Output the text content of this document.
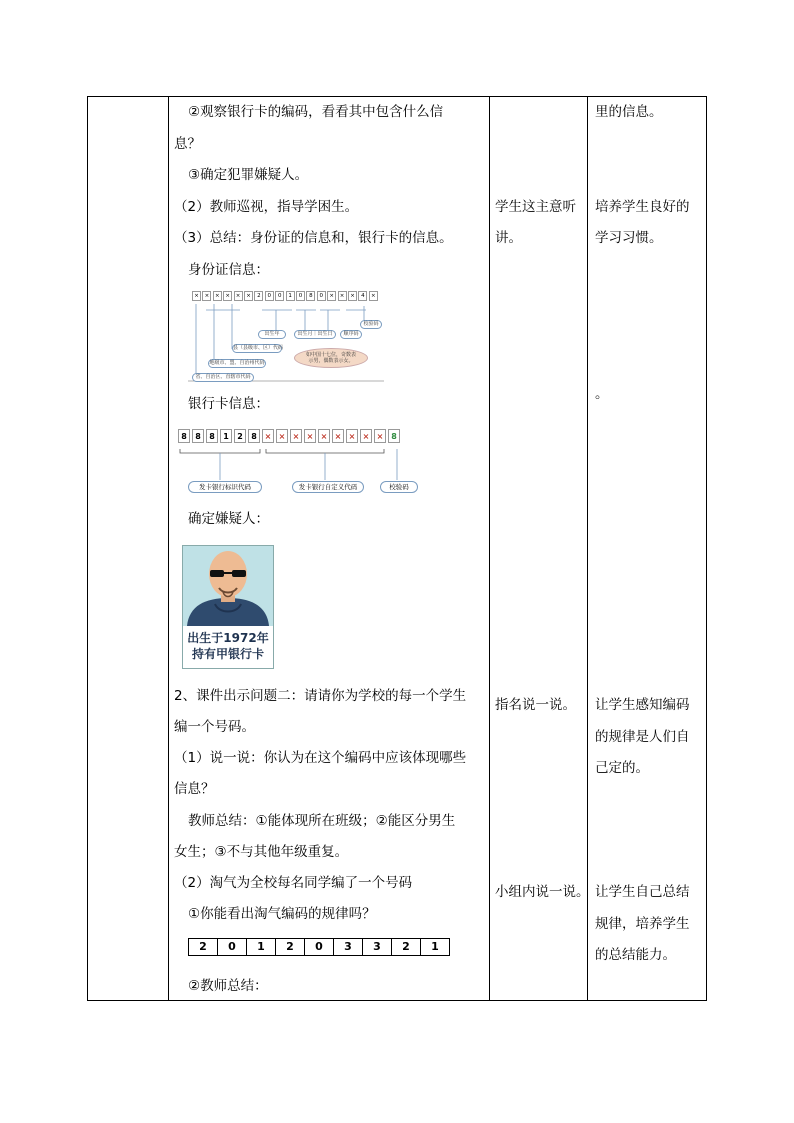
②观察银行卡的编码，看看其中包含什么信
息？
③确定犯罪嫌疑人。
（2）教师巡视，指导学困生。
（3）总结：身份证的信息和，银行卡的信息。
身份证信息：
×	×	×	×	×	×	2	0	0	1	0	8	0	×	×	×	4	×
出生年	出生月｜出生日	顺序码
校验码
县（县级市、区）代码
地级市、盟、自治州代码
省、自治区、直辖市代码
如中国十七位，奇数表示男，偶数表示女。
银行卡信息：
8	8	8	1	2	8 × × × × × × × × × 8
发卡银行标识代码	发卡银行自定义代码	校验码
确定嫌疑人：
出生于1972年
持有甲银行卡
2、课件出示问题二：请请你为学校的每一个学生
编一个号码。
（1）说一说：你认为在这个编码中应该体现哪些
信息？
教师总结：①能体现所在班级；②能区分男生
女生；③不与其他年级重复。
（2）淘气为全校每名同学编了一个号码
①你能看出淘气编码的规律吗？
2	0	1	2	0	3	3	2	1
②教师总结：
学生这主意听
讲。
指名说一说。
小组内说一说。
里的信息。
培养学生良好的
学习习惯。
。
让学生感知编码
的规律是人们自
己定的。
让学生自己总结
规律，培养学生
的总结能力。
